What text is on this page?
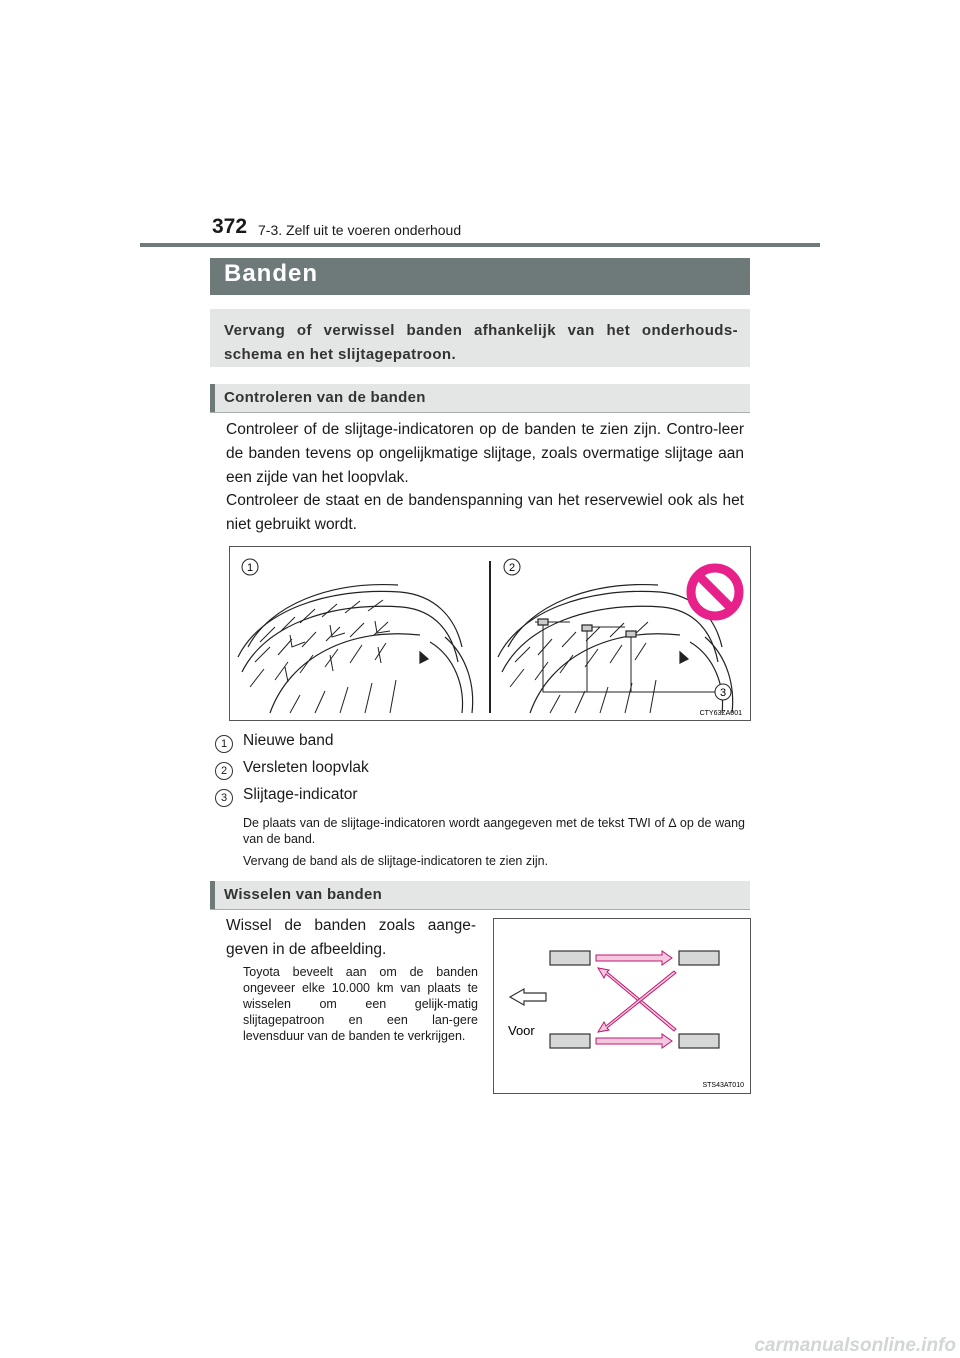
372 7-3. Zelf uit te voeren onderhoud
Banden

Vervang of verwissel banden afhankelijk van het onderhouds-schema en het slijtagepatroon.

Controleren van de banden

Controleer of de slijtage-indicatoren op de banden te zien zijn. Contro-leer de banden tevens op ongelijkmatige slijtage, zoals overmatige slijtage aan een zijde van het loopvlak.

Controleer de staat en de bandenspanning van het reservewiel ook als het niet gebruikt wordt.

1	2
3
CTY63ZA001
1 Nieuwe band
2 Versleten loopvlak
3 Slijtage-indicator

De plaats van de slijtage-indicatoren wordt aangegeven met de tekst TWI of ∆ op de wang van de band.

Vervang de band als de slijtage-indicatoren te zien zijn.

Wisselen van banden

Wissel de banden zoals aange-geven in de afbeelding.

Toyota beveelt aan om de banden ongeveer elke 10.000 km van plaats te wisselen om een gelijk-matig slijtagepatroon en een lan-gere levensduur van de banden te verkrijgen.	Voor
STS43AT010
carmanualsonline.info
